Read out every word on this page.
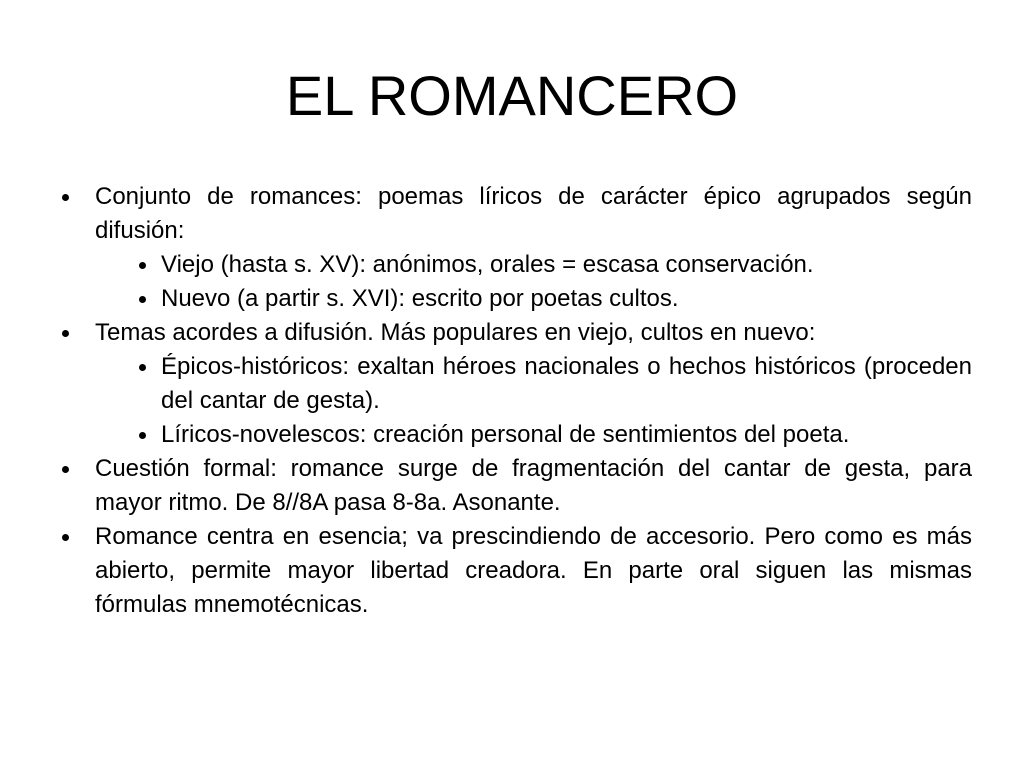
EL ROMANCERO
Conjunto de romances: poemas líricos de carácter épico agrupados según difusión:
Viejo (hasta s. XV): anónimos, orales = escasa conservación.
Nuevo (a partir s. XVI): escrito por poetas cultos.
Temas acordes a difusión. Más populares en viejo, cultos en nuevo:
Épicos-históricos: exaltan héroes nacionales o hechos históricos (proceden del cantar de gesta).
Líricos-novelescos: creación personal de sentimientos del poeta.
Cuestión formal: romance surge de fragmentación del cantar de gesta, para mayor ritmo. De 8//8A pasa 8-8a. Asonante.
Romance centra en esencia; va prescindiendo de accesorio. Pero como es más abierto, permite mayor libertad creadora. En parte oral siguen las mismas fórmulas mnemotécnicas.
